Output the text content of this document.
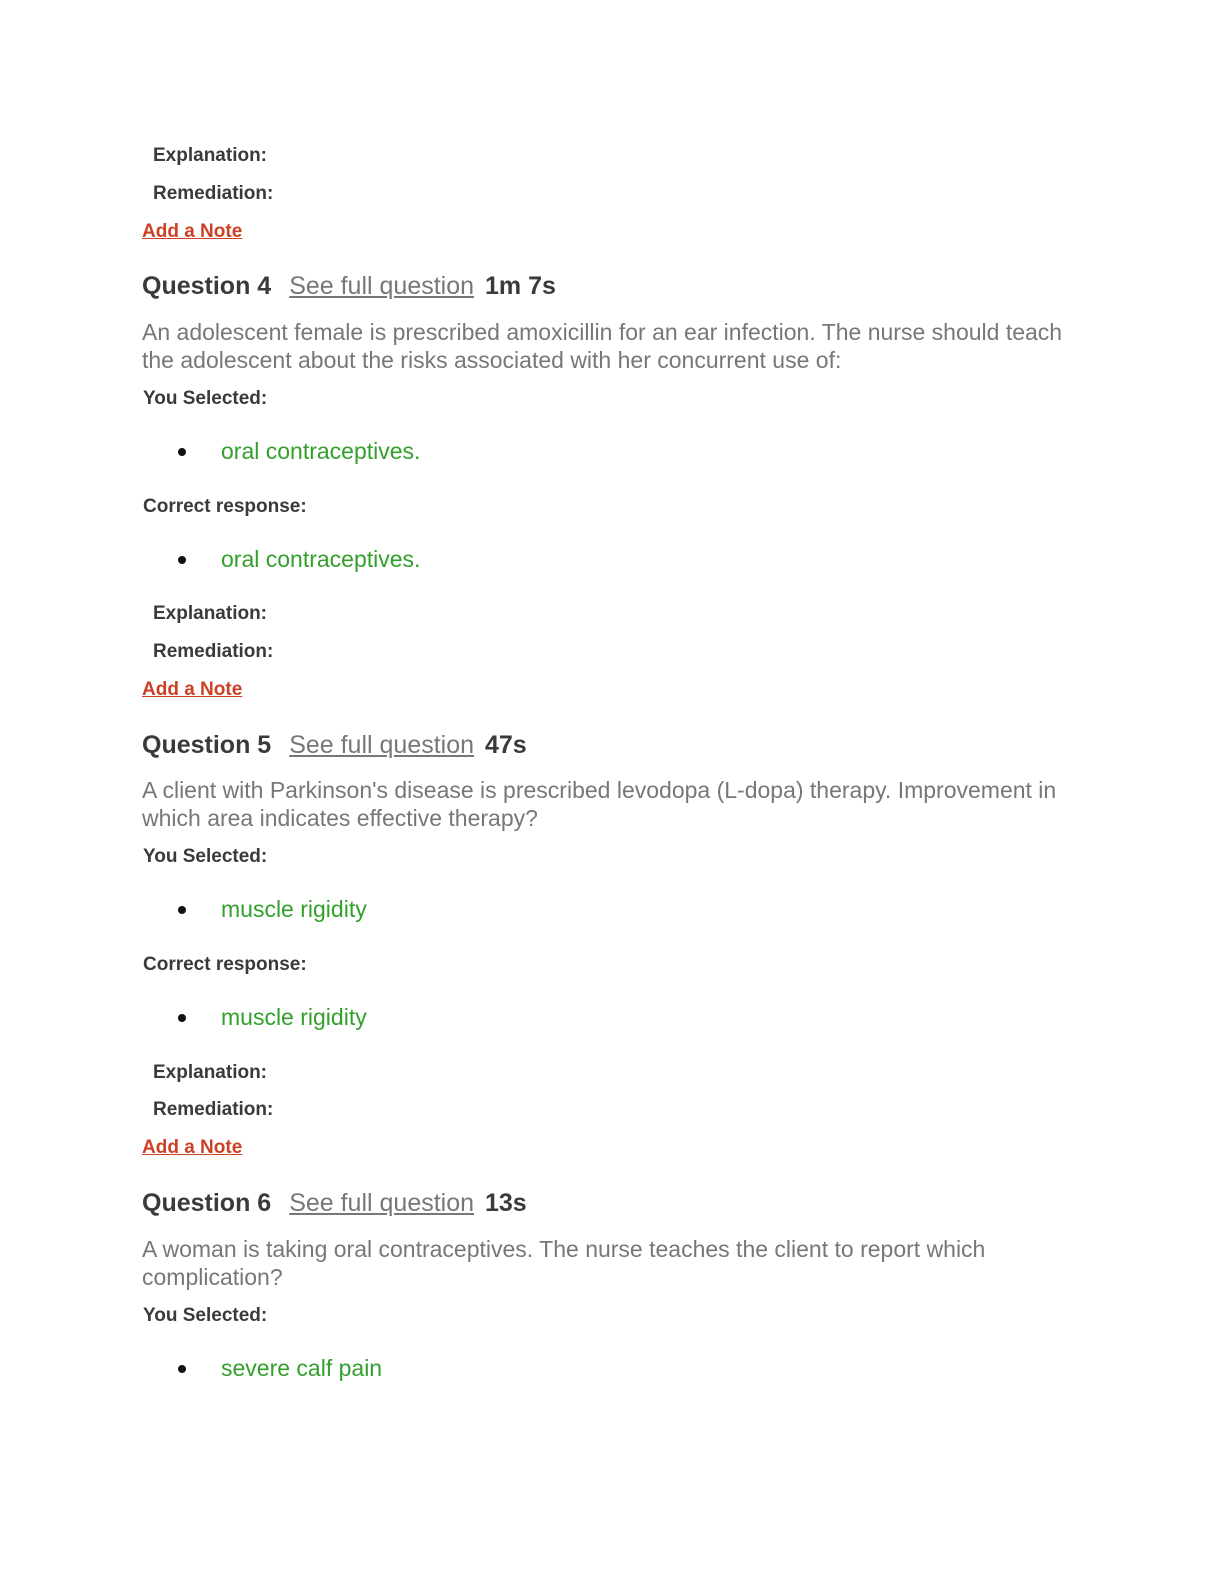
Explanation:
Remediation:
Add a Note
Question 4 See full question 1m 7s
An adolescent female is prescribed amoxicillin for an ear infection. The nurse should teach the adolescent about the risks associated with her concurrent use of:
You Selected:
oral contraceptives.
Correct response:
oral contraceptives.
Explanation:
Remediation:
Add a Note
Question 5 See full question 47s
A client with Parkinson's disease is prescribed levodopa (L-dopa) therapy. Improvement in which area indicates effective therapy?
You Selected:
muscle rigidity
Correct response:
muscle rigidity
Explanation:
Remediation:
Add a Note
Question 6 See full question 13s
A woman is taking oral contraceptives. The nurse teaches the client to report which complication?
You Selected:
severe calf pain
